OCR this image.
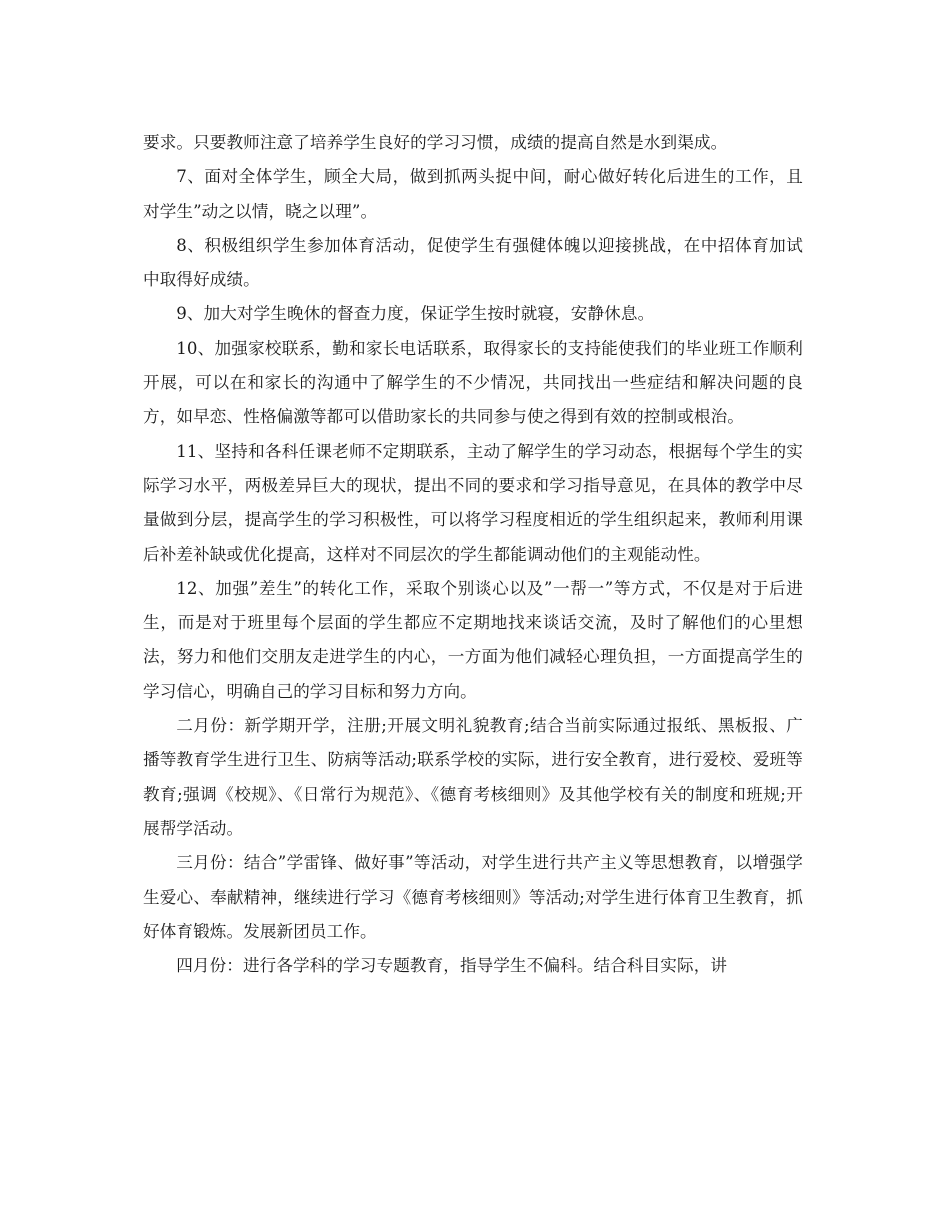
要求。只要教师注意了培养学生良好的学习习惯，成绩的提高自然是水到渠成。

7、面对全体学生，顾全大局，做到抓两头捉中间，耐心做好转化后进生的工作，且对学生”动之以情，晓之以理”。

8、积极组织学生参加体育活动，促使学生有强健体魄以迎接挑战，在中招体育加试中取得好成绩。

9、加大对学生晚休的督查力度，保证学生按时就寝，安静休息。

10、加强家校联系，勤和家长电话联系，取得家长的支持能使我们的毕业班工作顺利开展，可以在和家长的沟通中了解学生的不少情况，共同找出一些症结和解决问题的良方，如早恋、性格偏激等都可以借助家长的共同参与使之得到有效的控制或根治。

11、坚持和各科任课老师不定期联系，主动了解学生的学习动态，根据每个学生的实际学习水平，两极差异巨大的现状，提出不同的要求和学习指导意见，在具体的教学中尽量做到分层，提高学生的学习积极性，可以将学习程度相近的学生组织起来，教师利用课后补差补缺或优化提高，这样对不同层次的学生都能调动他们的主观能动性。

12、加强”差生”的转化工作，采取个别谈心以及”一帮一”等方式，不仅是对于后进生，而是对于班里每个层面的学生都应不定期地找来谈话交流，及时了解他们的心里想法，努力和他们交朋友走进学生的内心，一方面为他们减轻心理负担，一方面提高学生的学习信心，明确自己的学习目标和努力方向。

二月份：新学期开学，注册;开展文明礼貌教育;结合当前实际通过报纸、黑板报、广播等教育学生进行卫生、防病等活动;联系学校的实际，进行安全教育，进行爱校、爱班等教育;强调《校规》、《日常行为规范》、《德育考核细则》及其他学校有关的制度和班规;开展帮学活动。

三月份：结合”学雷锋、做好事”等活动，对学生进行共产主义等思想教育，以增强学生爱心、奉献精神，继续进行学习《德育考核细则》等活动;对学生进行体育卫生教育，抓好体育锻炼。发展新团员工作。

四月份：进行各学科的学习专题教育，指导学生不偏科。结合科目实际，讲
